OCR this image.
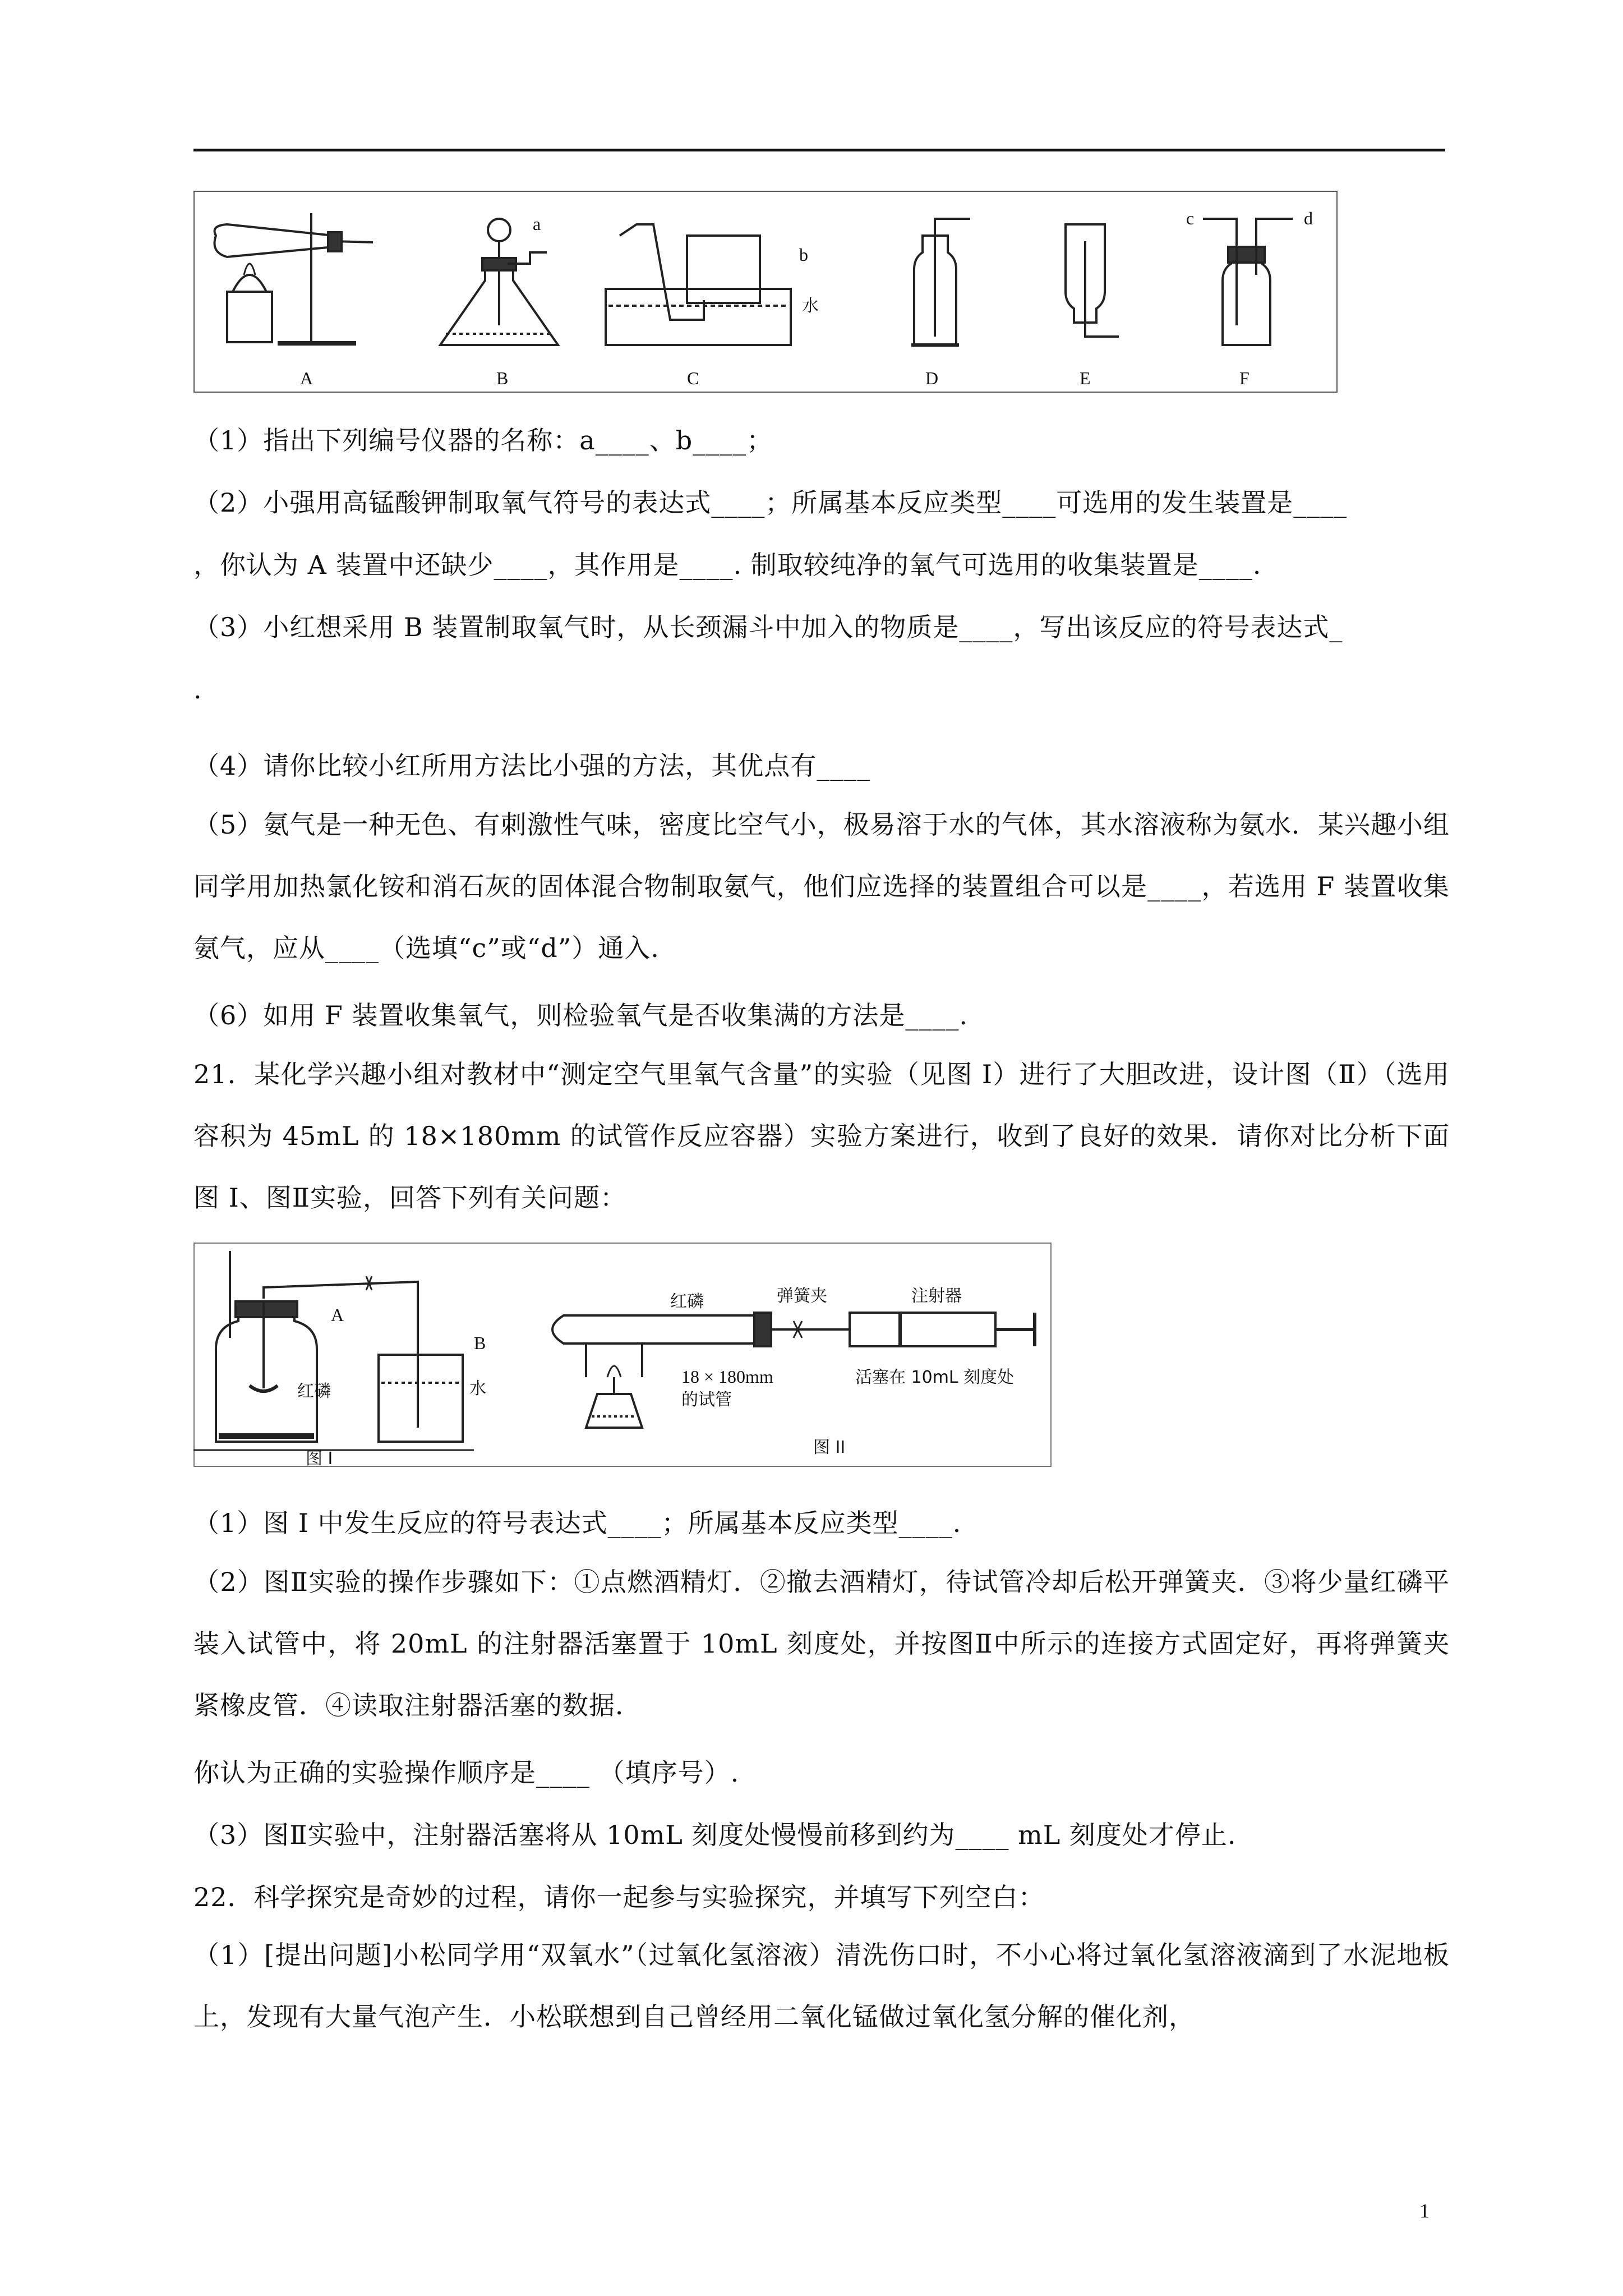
A	B	C	D	E	F
a
b
水
c	d
（1）指出下列编号仪器的名称：a____、b____；
（2）小强用高锰酸钾制取氧气符号的表达式____；所属基本反应类型____可选用的发生装置是____
，你认为 A 装置中还缺少____，其作用是____. 制取较纯净的氧气可选用的收集装置是____.
（3）小红想采用 B 装置制取氧气时，从长颈漏斗中加入的物质是____，写出该反应的符号表达式_
.
（4）请你比较小红所用方法比小强的方法，其优点有____
（5）氨气是一种无色、有刺激性气味，密度比空气小，极易溶于水的气体，其水溶液称为氨水．某兴趣小组同学用加热氯化铵和消石灰的固体混合物制取氨气，他们应选择的装置组合可以是____，若选用 F 装置收集氨气，应从____（选填“c”或“d”）通入.
（6）如用 F 装置收集氧气，则检验氧气是否收集满的方法是____.
21．某化学兴趣小组对教材中“测定空气里氧气含量”的实验（见图 I）进行了大胆改进，设计图（Ⅱ）（选用容积为 45mL 的 18×180mm 的试管作反应容器）实验方案进行，收到了良好的效果．请你对比分析下面图 I、图Ⅱ实验，回答下列有关问题：
A
B
红磷	水
图 I
红磷	弹簧夹	注射器
18 × 180mm
的试管
活塞在 10mL 刻度处
图 II
（1）图 I 中发生反应的符号表达式____；所属基本反应类型____.
（2）图Ⅱ实验的操作步骤如下：①点燃酒精灯．②撤去酒精灯，待试管冷却后松开弹簧夹．③将少量红磷平装入试管中，将 20mL 的注射器活塞置于 10mL 刻度处，并按图Ⅱ中所示的连接方式固定好，再将弹簧夹紧橡皮管．④读取注射器活塞的数据．
你认为正确的实验操作顺序是____ （填序号）.
（3）图Ⅱ实验中，注射器活塞将从 10mL 刻度处慢慢前移到约为____ mL 刻度处才停止.
22．科学探究是奇妙的过程，请你一起参与实验探究，并填写下列空白：
（1）[提出问题]小松同学用“双氧水”（过氧化氢溶液）清洗伤口时，不小心将过氧化氢溶液滴到了水泥地板上，发现有大量气泡产生．小松联想到自己曾经用二氧化锰做过氧化氢分解的催化剂，
1
